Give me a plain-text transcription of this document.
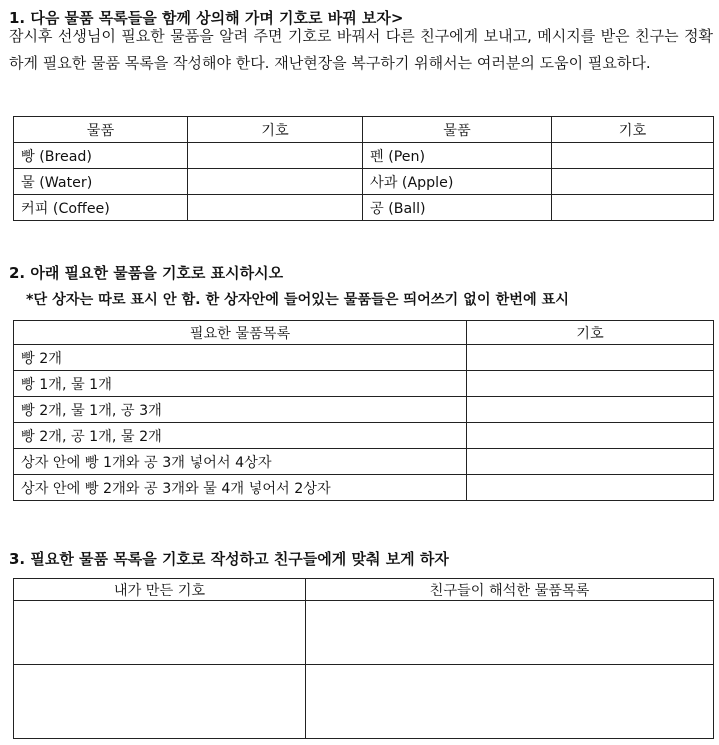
1. 다음 물품 목록들을 함께 상의해 가며 기호로 바꿔 보자>
잠시후 선생님이 필요한 물품을 알려 주면 기호로 바꿔서 다른 친구에게 보내고, 메시지를 받은 친구는 정확하게 필요한 물품 목록을 작성해야 한다. 재난현장을 복구하기 위해서는 여러분의 도움이 필요하다.
물품	기호	물품	기호
빵 (Bread)		펜 (Pen)	
물 (Water)		사과 (Apple)	
커피 (Coffee)		공 (Ball)	
2. 아래 필요한 물품을 기호로 표시하시오
*단 상자는 따로 표시 안 함. 한 상자안에 들어있는 물품들은 띄어쓰기 없이 한번에 표시
필요한 물품목록	기호
빵 2개	
빵 1개, 물 1개	
빵 2개, 물 1개, 공 3개	
빵 2개, 공 1개, 물 2개	
상자 안에 빵 1개와 공 3개 넣어서 4상자	
상자 안에 빵 2개와 공 3개와 물 4개 넣어서 2상자	
3. 필요한 물품 목록을 기호로 작성하고 친구들에게 맞춰 보게 하자
내가 만든 기호	친구들이 해석한 물품목록
